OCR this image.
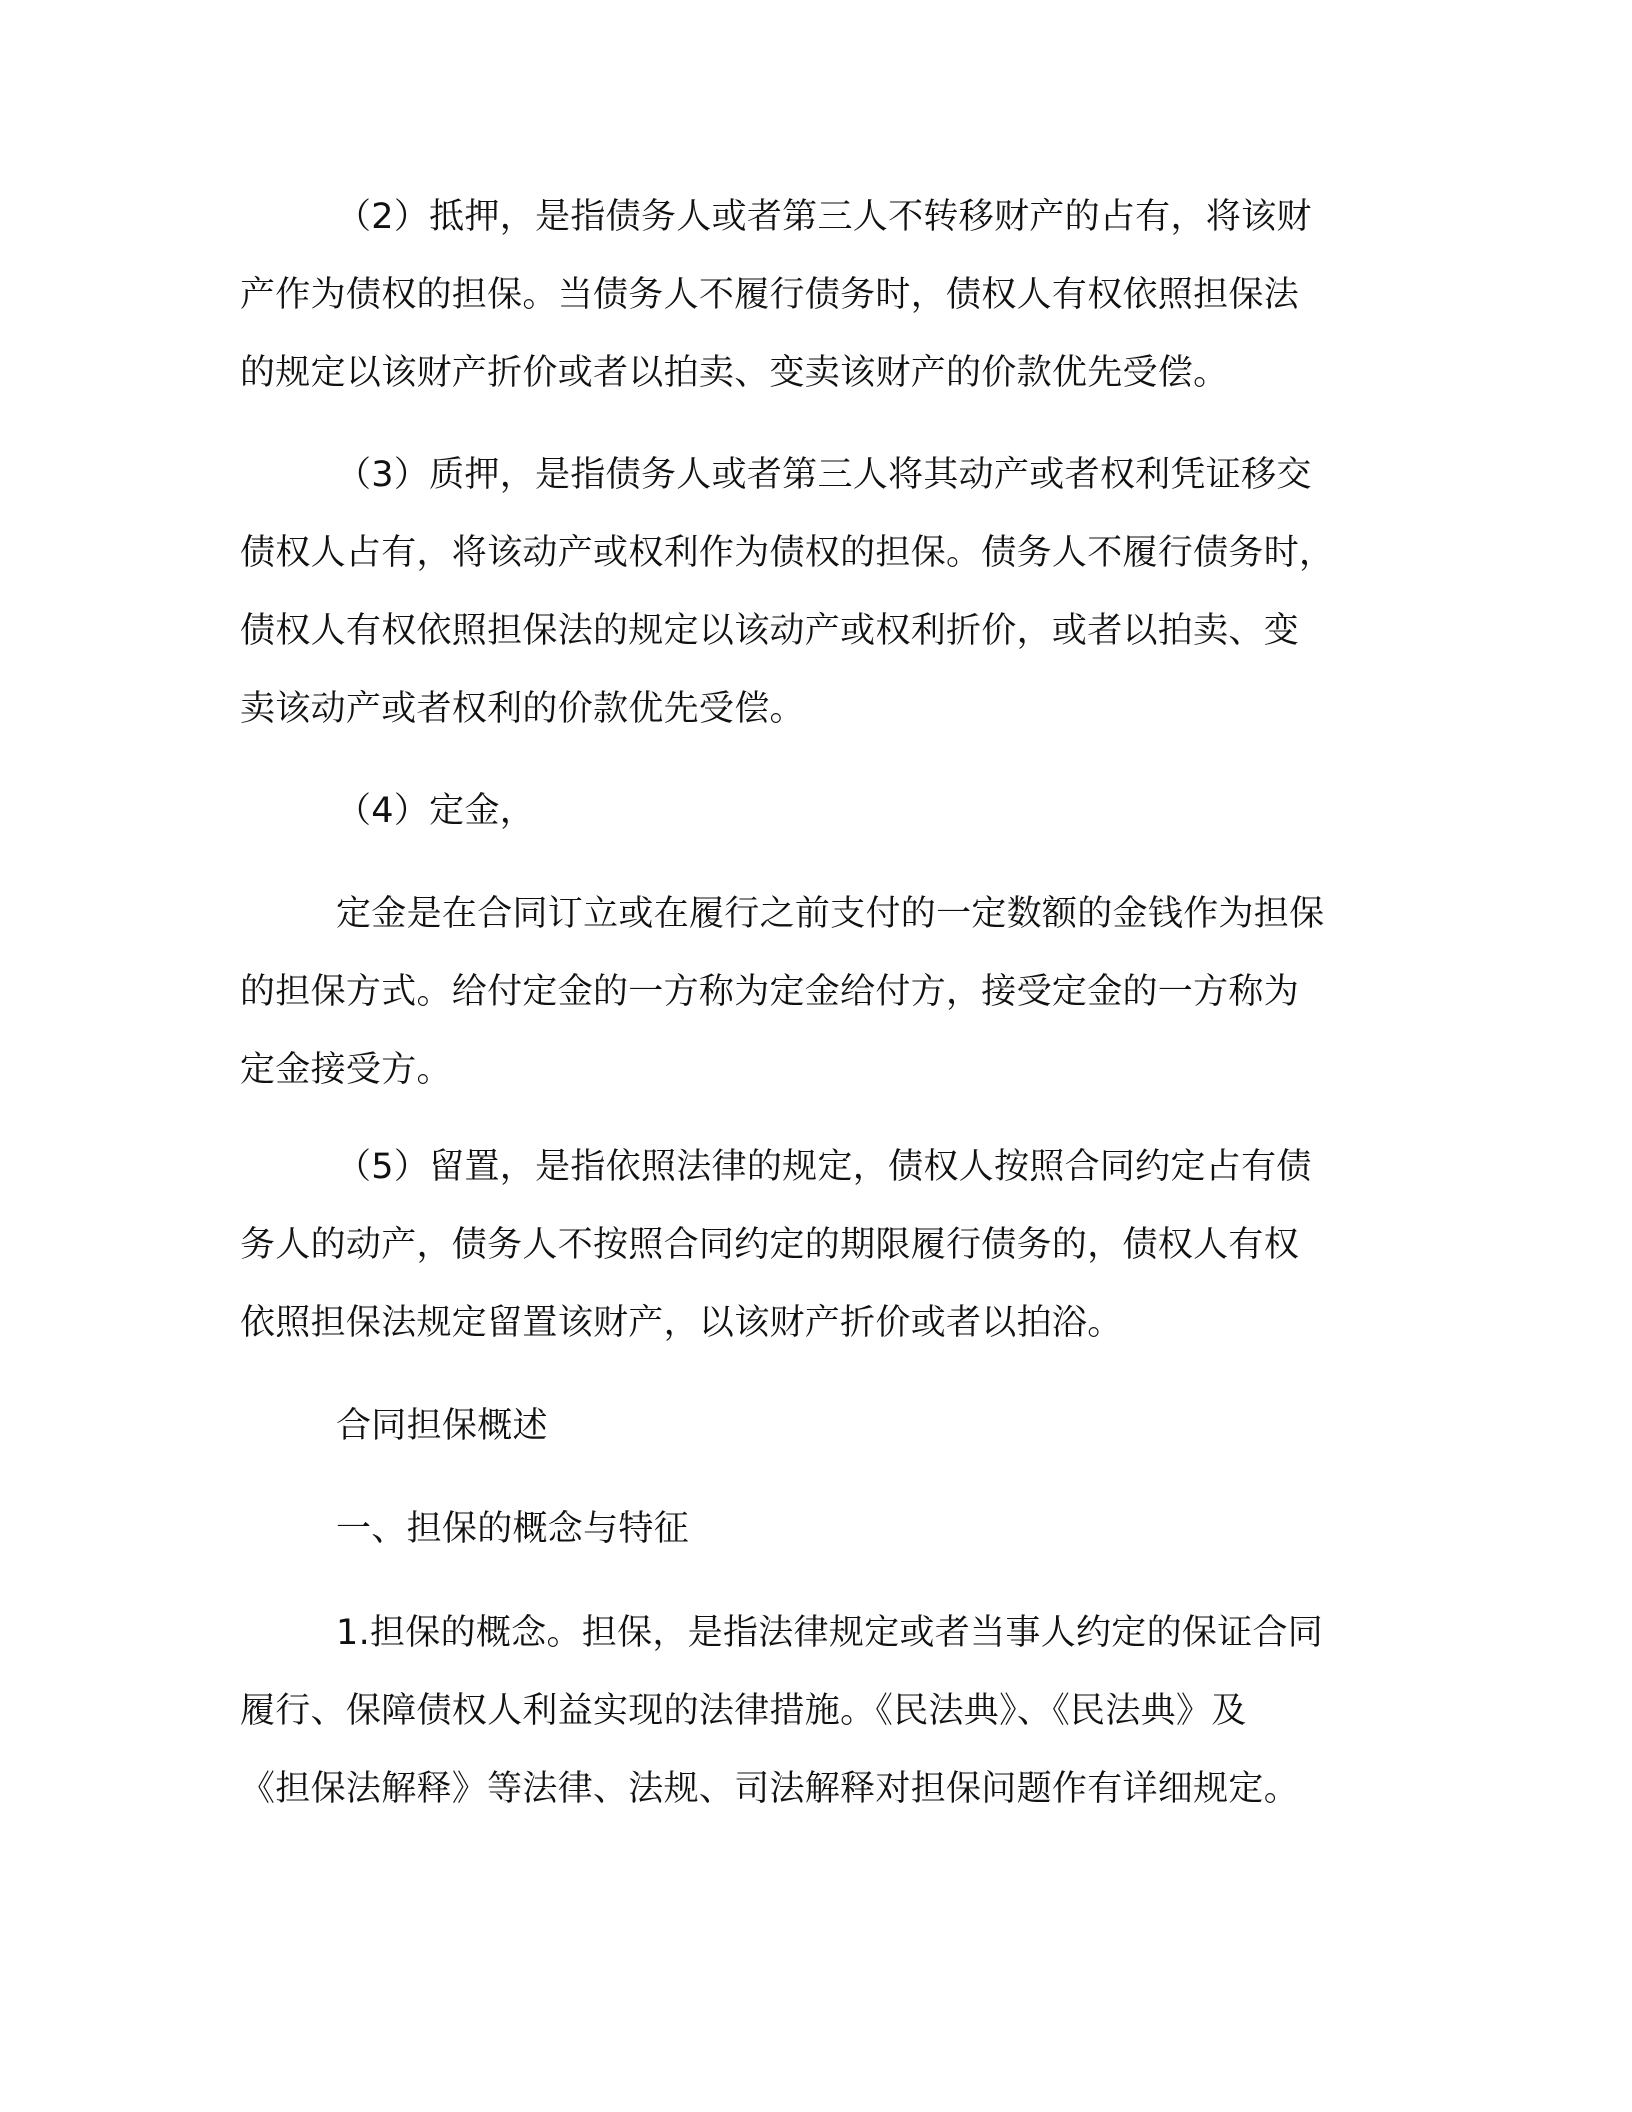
（2）抵押，是指债务人或者第三人不转移财产的占有，将该财
产作为债权的担保。当债务人不履行债务时，债权人有权依照担保法
的规定以该财产折价或者以拍卖、变卖该财产的价款优先受偿。

（3）质押，是指债务人或者第三人将其动产或者权利凭证移交
债权人占有，将该动产或权利作为债权的担保。债务人不履行债务时，
债权人有权依照担保法的规定以该动产或权利折价，或者以拍卖、变
卖该动产或者权利的价款优先受偿。

（4）定金，

定金是在合同订立或在履行之前支付的一定数额的金钱作为担保
的担保方式。给付定金的一方称为定金给付方，接受定金的一方称为
定金接受方。

（5）留置，是指依照法律的规定，债权人按照合同约定占有债
务人的动产，债务人不按照合同约定的期限履行债务的，债权人有权
依照担保法规定留置该财产，以该财产折价或者以拍浴。

合同担保概述

一、担保的概念与特征

1.担保的概念。担保，是指法律规定或者当事人约定的保证合同
履行、保障债权人利益实现的法律措施。《民法典》、《民法典》及
《担保法解释》等法律、法规、司法解释对担保问题作有详细规定。
